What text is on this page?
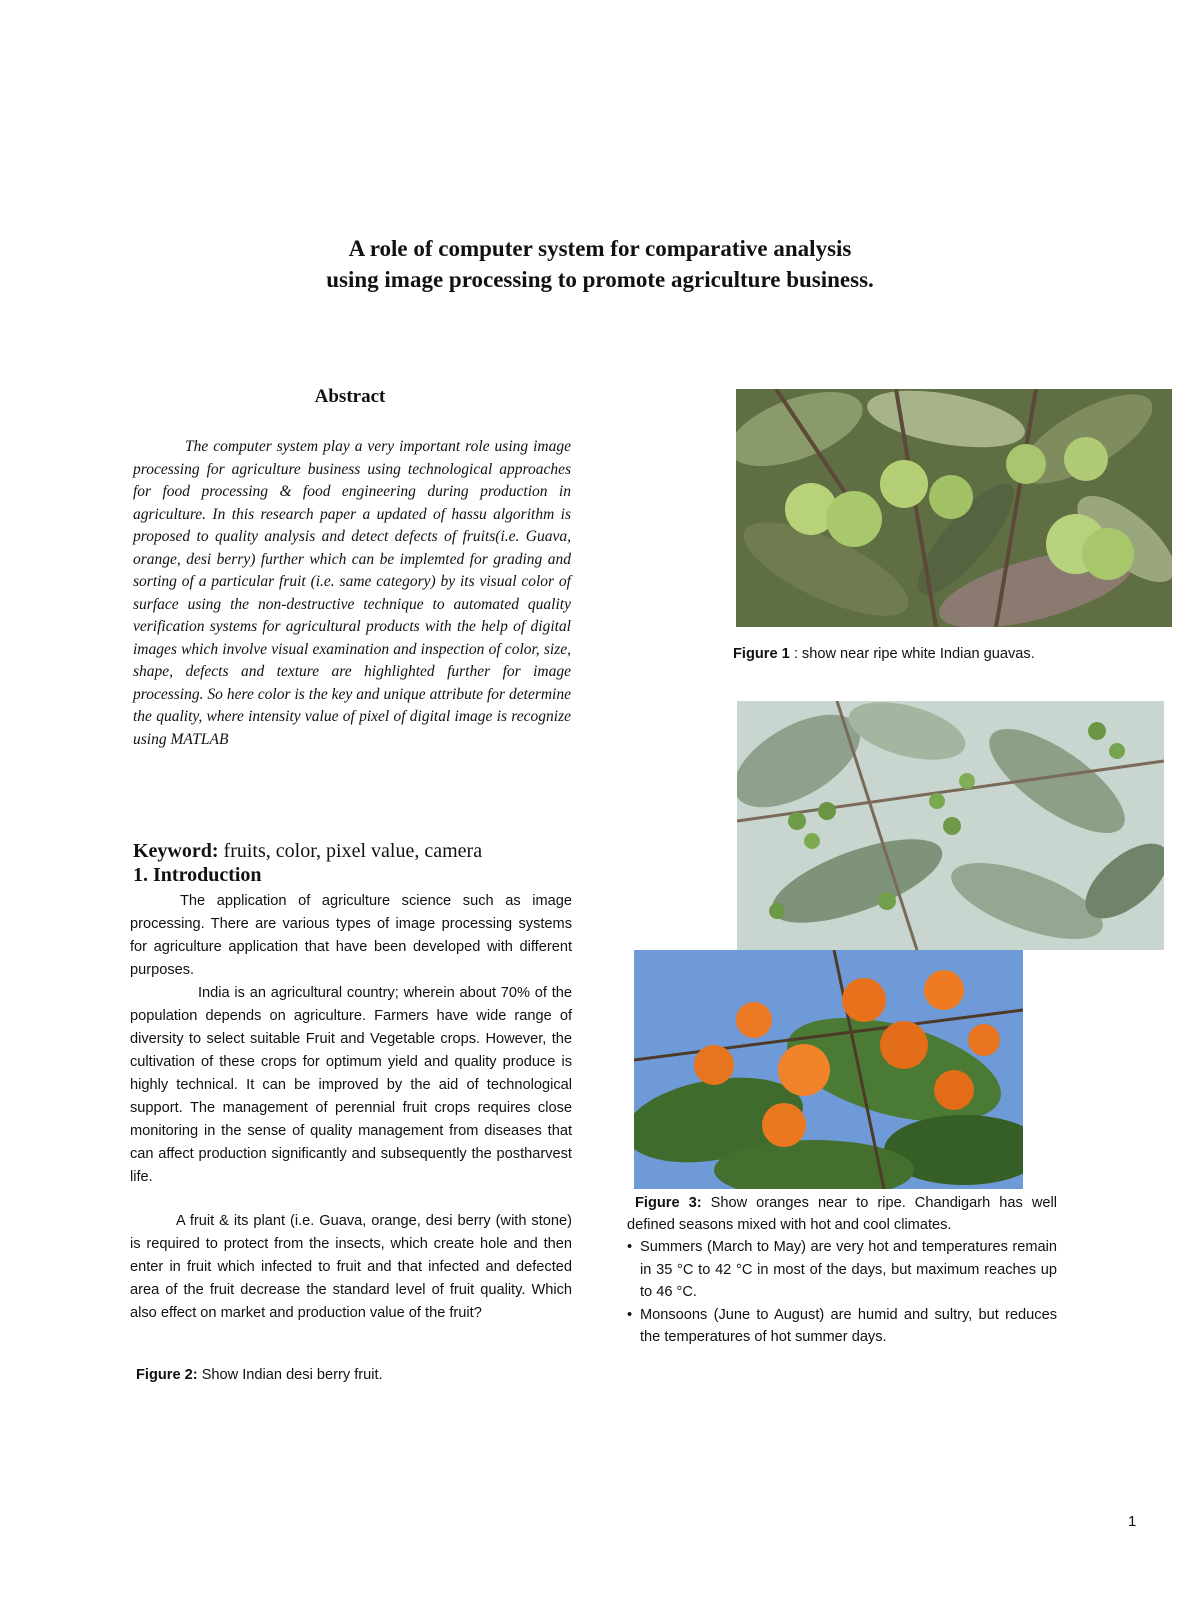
A role of computer system for comparative analysis
using image processing to promote agriculture business.
Abstract

The computer system play a very important role using image processing for agriculture business using technological approaches for food processing & food engineering during production in agriculture. In this research paper a updated of hassu algorithm is proposed to quality analysis and detect defects of fruits(i.e. Guava, orange, desi berry) further which can be implemted for grading and sorting of a particular fruit (i.e. same category) by its visual color of surface using the non-destructive technique to automated quality verification systems for agricultural products with the help of digital images which involve visual examination and inspection of color, size, shape, defects and texture are highlighted further for image processing. So here color is the key and unique attribute for determine the quality, where intensity value of pixel of digital image is recognize using MATLAB

Keyword: fruits, color, pixel value, camera
1. Introduction

The application of agriculture science such as image processing. There are various types of image processing systems for agriculture application that have been developed with different purposes.

India is an agricultural country; wherein about 70% of the population depends on agriculture. Farmers have wide range of diversity to select suitable Fruit and Vegetable crops. However, the cultivation of these crops for optimum yield and quality produce is highly technical. It can be improved by the aid of technological support. The management of perennial fruit crops requires close monitoring in the sense of quality management from diseases that can affect production significantly and subsequently the postharvest life.

A fruit & its plant (i.e. Guava, orange, desi berry (with stone) is required to protect from the insects, which create hole and then enter in fruit which infected to fruit and that infected and defected area of the fruit decrease the standard level of fruit quality. Which also effect on market and production value of the fruit?

Figure 2: Show Indian desi berry fruit.
Figure 1 : show near ripe white Indian guavas.
Figure 3: Show oranges near to ripe. Chandigarh has well defined seasons mixed with hot and cool climates.
• Summers (March to May) are very hot and temperatures remain in 35 °C to 42 °C in most of the days, but maximum reaches up to 46 °C.
• Monsoons (June to August) are humid and sultry, but reduces the temperatures of hot summer days.
1
